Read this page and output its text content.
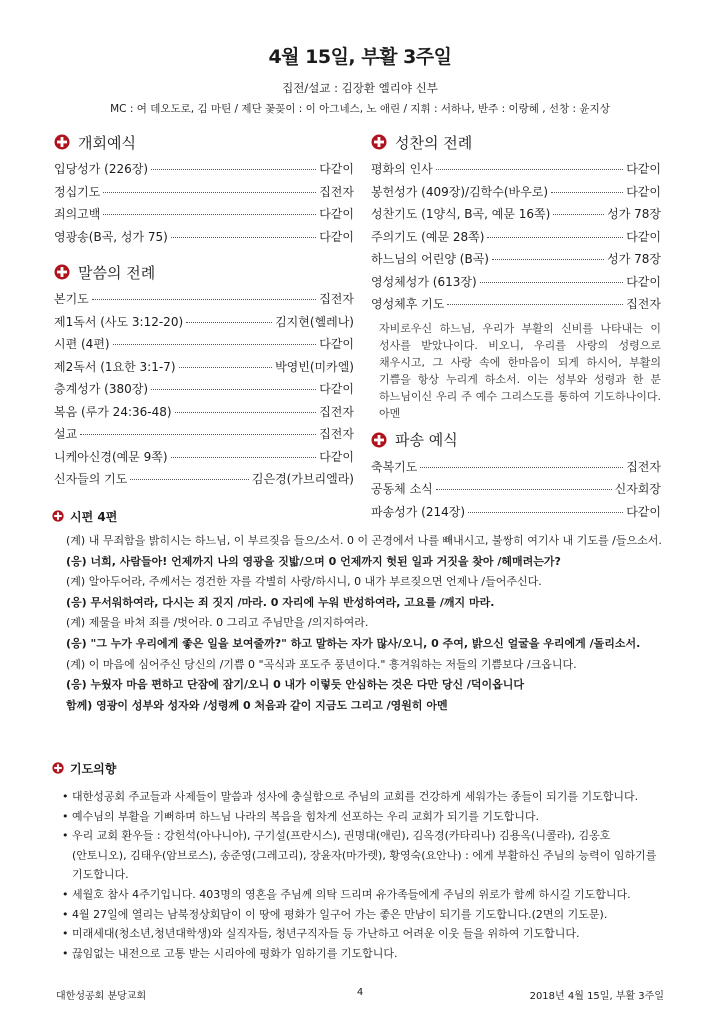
4월 15일, 부활 3주일

집전/설교 : 김장환 엘리야 신부

MC : 여 데오도로, 김 마틴 / 제단 꽃꽂이 : 이 아그네스, 노 애린 / 지휘 : 서하나, 반주 : 이랑혜 , 선창 : 윤지상

개회예식
입당성가 (226장)	다같이
정십기도	집전자
죄의고백	다같이
영광송(B곡, 성가 75)	다같이
말씀의 전례
본기도	집전자
제1독서 (사도 3:12-20)	김지현(헬레나)
시편 (4편)	다같이
제2독서 (1요한 3:1-7)	박영빈(미카엘)
층계성가 (380장)	다같이
복음 (루가 24:36-48)	집전자
설교	집전자
니케아신경(예문 9쪽)	다같이
신자들의 기도	김은경(가브리엘라)
성찬의 전례
평화의 인사	다같이
봉헌성가 (409장)/김학수(바우로)	다같이
성찬기도 (1양식, B곡, 예문 16쪽)	성가 78장
주의기도 (예문 28쪽)	다같이
하느님의 어린양 (B곡)	성가 78장
영성체성가 (613장)	다같이
영성체후 기도	집전자

자비로우신 하느님, 우리가 부활의 신비를 나타내는 이 성사를 받았나이다. 비오니, 우리를 사랑의 성령으로 채우시고, 그 사랑 속에 한마음이 되게 하시어, 부활의 기쁨을 항상 누리게 하소서. 이는 성부와 성령과 한 분 하느님이신 우리 주 예수 그리스도를 통하여 기도하나이다. 아멘

파송 예식
축복기도	집전자
공동체 소식	신자회장
파송성가 (214장)	다같이
시편 4편
(계) 내 무죄함을 밝히시는 하느님, 이 부르짖음 들으/소서. 0 이 곤경에서 나를 빼내시고, 불쌍히 여기사 내 기도를 /들으소서.
(응) 너희, 사람들아! 언제까지 나의 영광을 짓밟/으며 0 언제까지 헛된 일과 거짓을 찾아 /헤매려는가?
(계) 알아두어라, 주께서는 경건한 자를 각별히 사랑/하시니, 0 내가 부르짖으면 언제나 /들어주신다.
(응) 무서워하여라, 다시는 죄 짓지 /마라. 0 자리에 누워 반성하여라, 고요를 /깨지 마라.
(계) 제물을 바쳐 죄를 /벗어라. 0 그리고 주님만을 /의지하여라.
(응) "그 누가 우리에게 좋은 일을 보여줄까?" 하고 말하는 자가 많사/오니, 0 주여, 밝으신 얼굴을 우리에게 /돌리소서.
(계) 이 마음에 심어주신 당신의 /기쁨 0 "곡식과 포도주 풍년이다." 흥겨워하는 저들의 기쁨보다 /크옵니다.
(응) 누웠자 마음 편하고 단잠에 잠기/오니 0 내가 이렇듯 안심하는 것은 다만 당신 /덕이옵니다
함께) 영광이 성부와 성자와 /성령께 0 처음과 같이 지금도 그리고 /영원히 아멘
기도의향
• 대한성공회 주교들과 사제들이 말씀과 성사에 충실함으로 주님의 교회를 건강하게 세워가는 종들이 되기를 기도합니다.
• 예수님의 부활을 기뻐하며 하느님 나라의 복음을 힘차게 선포하는 우리 교회가 되기를 기도합니다.
• 우리 교회 환우들 : 강헌석(아나니아), 구기설(프란시스), 권명대(애린), 김옥경(카타리나) 김용옥(니콜라), 김옹호(안토니오), 김태우(암브로스), 송준영(그레고리), 장윤자(마가렛), 황영숙(요안나) : 에게 부활하신 주님의 능력이 임하기를 기도합니다.
• 세월호 참사 4주기입니다. 403명의 영혼을 주님께 의탁 드리며 유가족들에게 주님의 위로가 함께 하시길 기도합니다.
• 4월 27일에 열리는 남북정상회담이 이 땅에 평화가 일구어 가는 좋은 만남이 되기를 기도합니다.(2면의 기도문).
• 미래세대(청소년,청년대학생)와 실직자들, 청년구직자들 등 가난하고 어려운 이웃 들을 위하여 기도합니다.
• 끊임없는 내전으로 고통 받는 시리아에 평화가 임하기를 기도합니다.
대한성공회 분당교회	4	2018년 4월 15일, 부활 3주일
